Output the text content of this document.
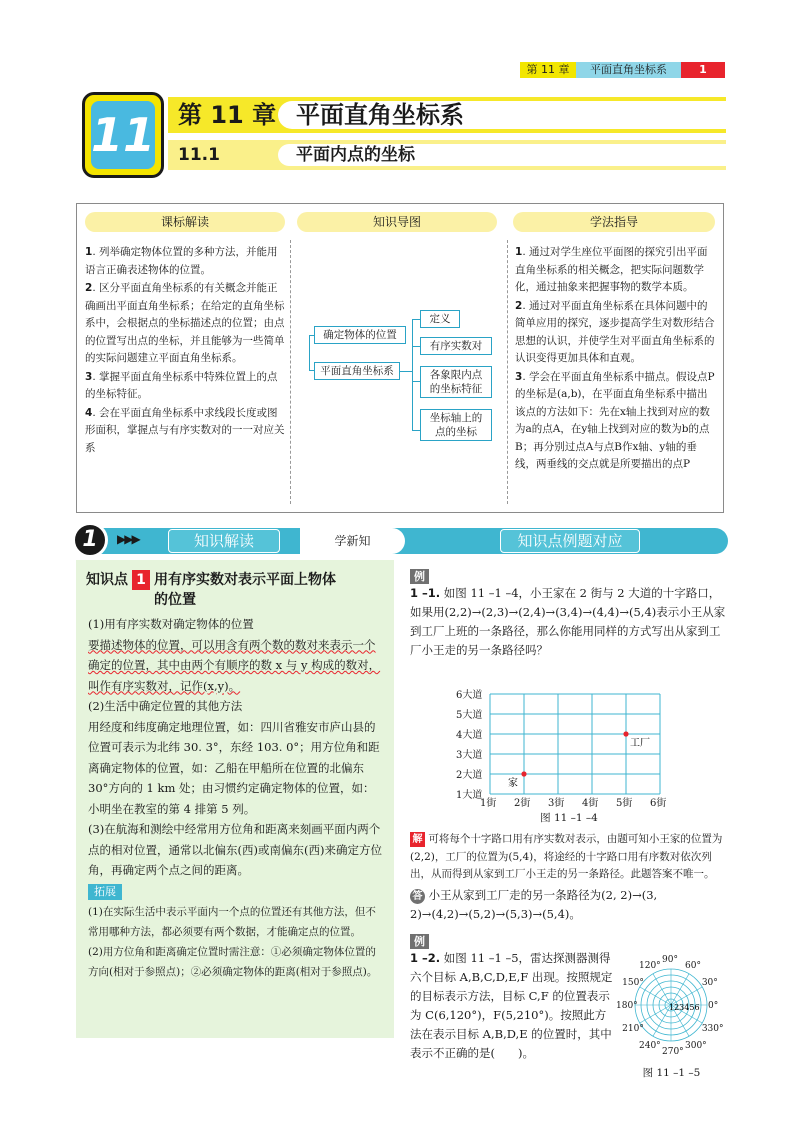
第 11 章	平面直角坐标系	1
11 第 11 章 平面直角坐标系
11.1	平面内点的坐标
课标解读	知识导图	学法指导

1. 列举确定物体位置的多种方法，并能用语言正确表述物体的位置。

2. 区分平面直角坐标系的有关概念并能正确画出平面直角坐标系；在给定的直角坐标系中，会根据点的坐标描述点的位置；由点的位置写出点的坐标，并且能够为一些简单的实际问题建立平面直角坐标系。

3. 掌握平面直角坐标系中特殊位置上的点的坐标特征。

4. 会在平面直角坐标系中求线段长度或图形面积，掌握点与有序实数对的一一对应关系

确定物体的位置
平面直角坐标系
定义
有序实数对
各象限内点的坐标特征
坐标轴上的点的坐标

1. 通过对学生座位平面图的探究引出平面直角坐标系的相关概念，把实际问题数学化，通过抽象来把握事物的数学本质。

2. 通过对平面直角坐标系在具体问题中的简单应用的探究，逐步提高学生对数形结合思想的认识，并使学生对平面直角坐标系的认识变得更加具体和直观。

3. 学会在平面直角坐标系中描点。假设点P的坐标是(a,b)，在平面直角坐标系中描出该点的方法如下：先在x轴上找到对应的数为a的点A，在y轴上找到对应的数为b的点B；再分别过点A与点B作x轴、y轴的垂线，两垂线的交点就是所要描出的点P

1	▶▶▶	知识解读	学新知	知识点例题对应
知识点 1 用有序实数对表示平面上物体的位置
(1)用有序实数对确定物体的位置
要描述物体的位置，可以用含有两个数的数对来表示一个确定的位置，其中由两个有顺序的数 x 与 y 构成的数对，叫作有序实数对，记作(x,y)。
(2)生活中确定位置的其他方法
用经度和纬度确定地理位置，如：四川省雅安市庐山县的位置可表示为北纬 30. 3°，东经 103. 0°；用方位角和距离确定物体的位置，如：乙船在甲船所在位置的北偏东 30°方向的 1 km 处；由习惯约定确定物体的位置，如：小明坐在教室的第 4 排第 5 列。
(3)在航海和测绘中经常用方位角和距离来刻画平面内两个点的相对位置，通常以北偏东(西)或南偏东(西)来确定方位角，再确定两个点之间的距离。
拓展
(1)在实际生活中表示平面内一个点的位置还有其他方法，但不常用哪种方法，都必须要有两个数据，才能确定点的位置。
(2)用方位角和距离确定位置时需注意：①必须确定物体位置的方向(相对于参照点)；②必须确定物体的距离(相对于参照点)。
例
1 –1. 如图 11 –1 –4，小王家在 2 街与 2 大道的十字路口，如果用(2,2)→(2,3)→(2,4)→(3,4)→(4,4)→(5,4)表示小王从家到工厂上班的一条路径，那么你能用同样的方式写出从家到工厂小王走的另一条路径吗？
1街 2街 3街 4街 5街 6街
1大道
2大道
3大道
4大道
5大道
6大道
家
工厂
图 11 –1 –4
解 可将每个十字路口用有序实数对表示，由题可知小王家的位置为(2,2)，工厂的位置为(5,4)，将途经的十字路口用有序数对依次列出，从而得到从家到工厂小王走的另一条路径。此题答案不唯一。
答 小王从家到工厂走的另一条路径为(2, 2)→(3, 2)→(4,2)→(5,2)→(5,3)→(5,4)。
例
1 –2. 如图 11 –1 –5，雷达探测器测得六个目标 A,B,C,D,E,F 出现。按照规定的目标表示方法，目标 C,F 的位置表示为 C(6,120°)，F(5,210°)。按照此方法在表示目标 A,B,D,E 的位置时，其中表示不正确的是(　　)。
0°
30°
60°
90°
120°
150°
180°
210°
240°
270°
300°
330°
123456
图 11 –1 –5
